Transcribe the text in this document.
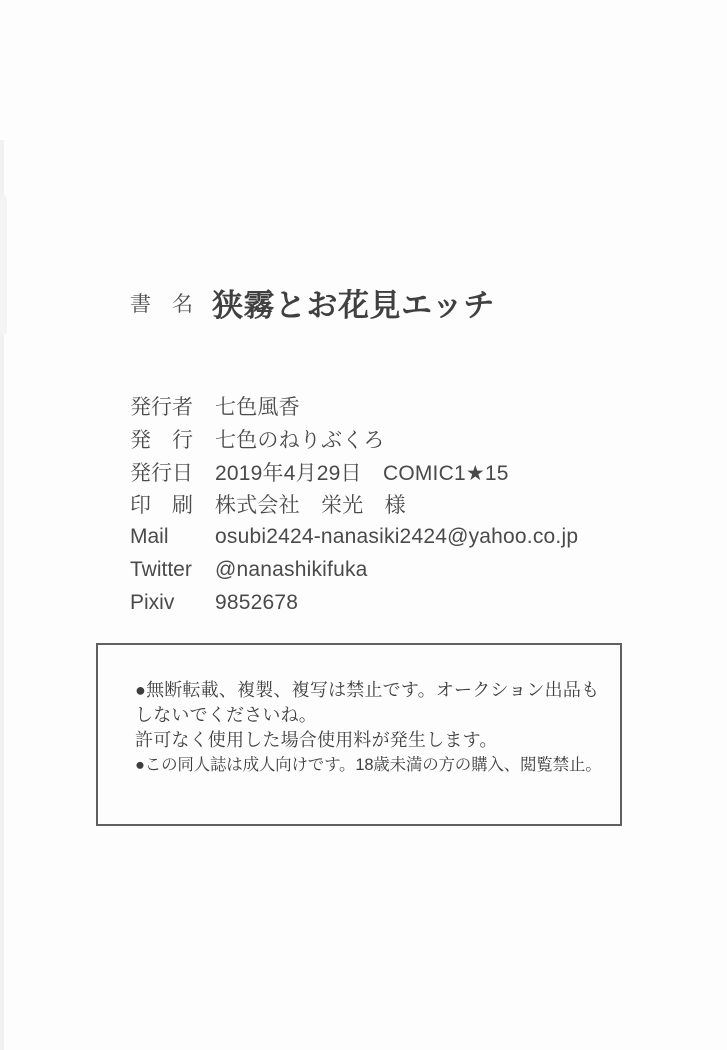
書　名 狭霧とお花見エッチ
発行者	七色風香
発　行	七色のねりぶくろ
発行日	2019年4月29日　COMIC1★15
印　刷	株式会社　栄光　様
Mail	osubi2424-nanasiki2424@yahoo.co.jp
Twitter	@nanashikifuka
Pixiv	9852678
●無断転載、複製、複写は禁止です。オークション出品も
しないでくださいね。
許可なく使用した場合使用料が発生します。
●この同人誌は成人向けです。18歳未満の方の購入、閲覧禁止。
